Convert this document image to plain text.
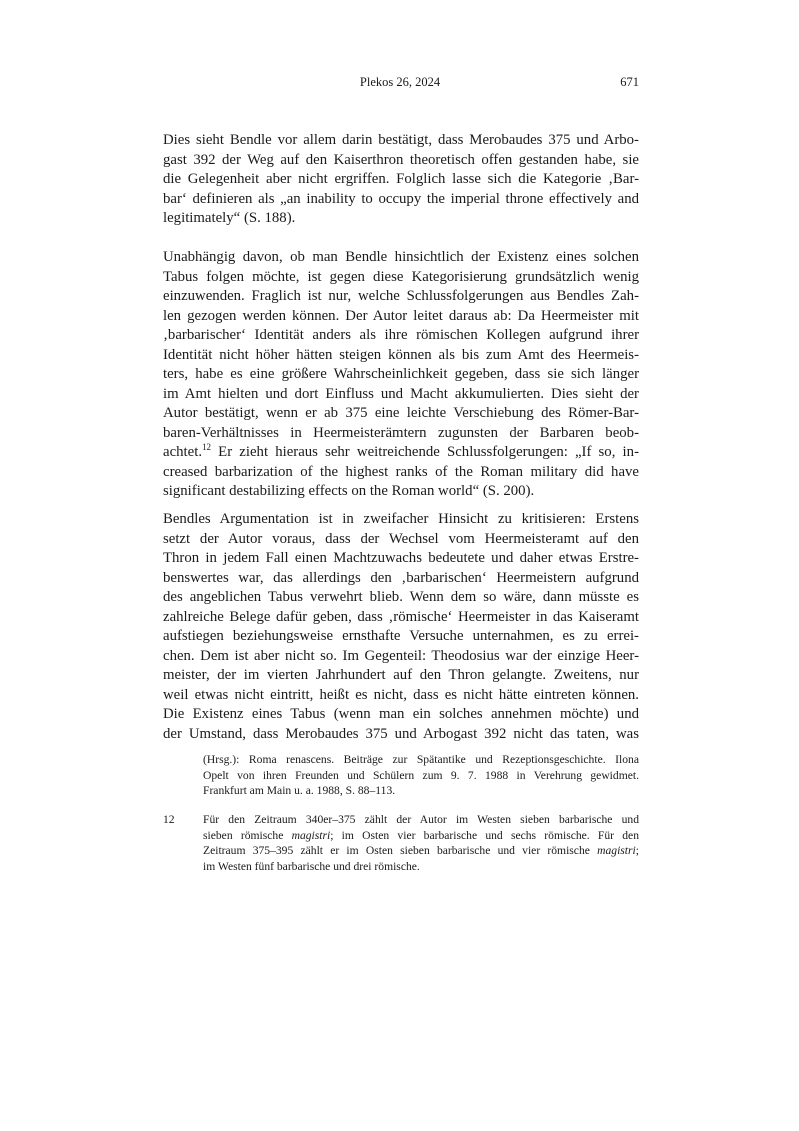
Plekos 26, 2024	671
Dies sieht Bendle vor allem darin bestätigt, dass Merobaudes 375 und Arbo-
gast 392 der Weg auf den Kaiserthron theoretisch offen gestanden habe, sie
die Gelegenheit aber nicht ergriffen. Folglich lasse sich die Kategorie ‚Bar-
bar‘ definieren als „an inability to occupy the imperial throne effectively and
legitimately“ (S. 188).
Unabhängig davon, ob man Bendle hinsichtlich der Existenz eines solchen
Tabus folgen möchte, ist gegen diese Kategorisierung grundsätzlich wenig
einzuwenden. Fraglich ist nur, welche Schlussfolgerungen aus Bendles Zah-
len gezogen werden können. Der Autor leitet daraus ab: Da Heermeister mit
‚barbarischer‘ Identität anders als ihre römischen Kollegen aufgrund ihrer
Identität nicht höher hätten steigen können als bis zum Amt des Heermeis-
ters, habe es eine größere Wahrscheinlichkeit gegeben, dass sie sich länger
im Amt hielten und dort Einfluss und Macht akkumulierten. Dies sieht der
Autor bestätigt, wenn er ab 375 eine leichte Verschiebung des Römer-Bar-
baren-Verhältnisses in Heermeisterämtern zugunsten der Barbaren beob-
achtet.$^{12}$ Er zieht hieraus sehr weitreichende Schlussfolgerungen: „If so, in-
creased barbarization of the highest ranks of the Roman military did have
significant destabilizing effects on the Roman world“ (S. 200).
Bendles Argumentation ist in zweifacher Hinsicht zu kritisieren: Erstens
setzt der Autor voraus, dass der Wechsel vom Heermeisteramt auf den
Thron in jedem Fall einen Machtzuwachs bedeutete und daher etwas Erstre-
benswertes war, das allerdings den ‚barbarischen‘ Heermeistern aufgrund
des angeblichen Tabus verwehrt blieb. Wenn dem so wäre, dann müsste es
zahlreiche Belege dafür geben, dass ‚römische‘ Heermeister in das Kaiseramt
aufstiegen beziehungsweise ernsthafte Versuche unternahmen, es zu errei-
chen. Dem ist aber nicht so. Im Gegenteil: Theodosius war der einzige Heer-
meister, der im vierten Jahrhundert auf den Thron gelangte. Zweitens, nur
weil etwas nicht eintritt, heißt es nicht, dass es nicht hätte eintreten können.
Die Existenz eines Tabus (wenn man ein solches annehmen möchte) und
der Umstand, dass Merobaudes 375 und Arbogast 392 nicht das taten, was
(Hrsg.): Roma renascens. Beiträge zur Spätantike und Rezeptionsgeschichte. Ilona
Opelt von ihren Freunden und Schülern zum 9. 7. 1988 in Verehrung gewidmet.
Frankfurt am Main u. a. 1988, S. 88–113.
12	Für den Zeitraum 340er–375 zählt der Autor im Westen sieben barbarische und
sieben römische magistri; im Osten vier barbarische und sechs römische. Für den
Zeitraum 375–395 zählt er im Osten sieben barbarische und vier römische magistri;
im Westen fünf barbarische und drei römische.
